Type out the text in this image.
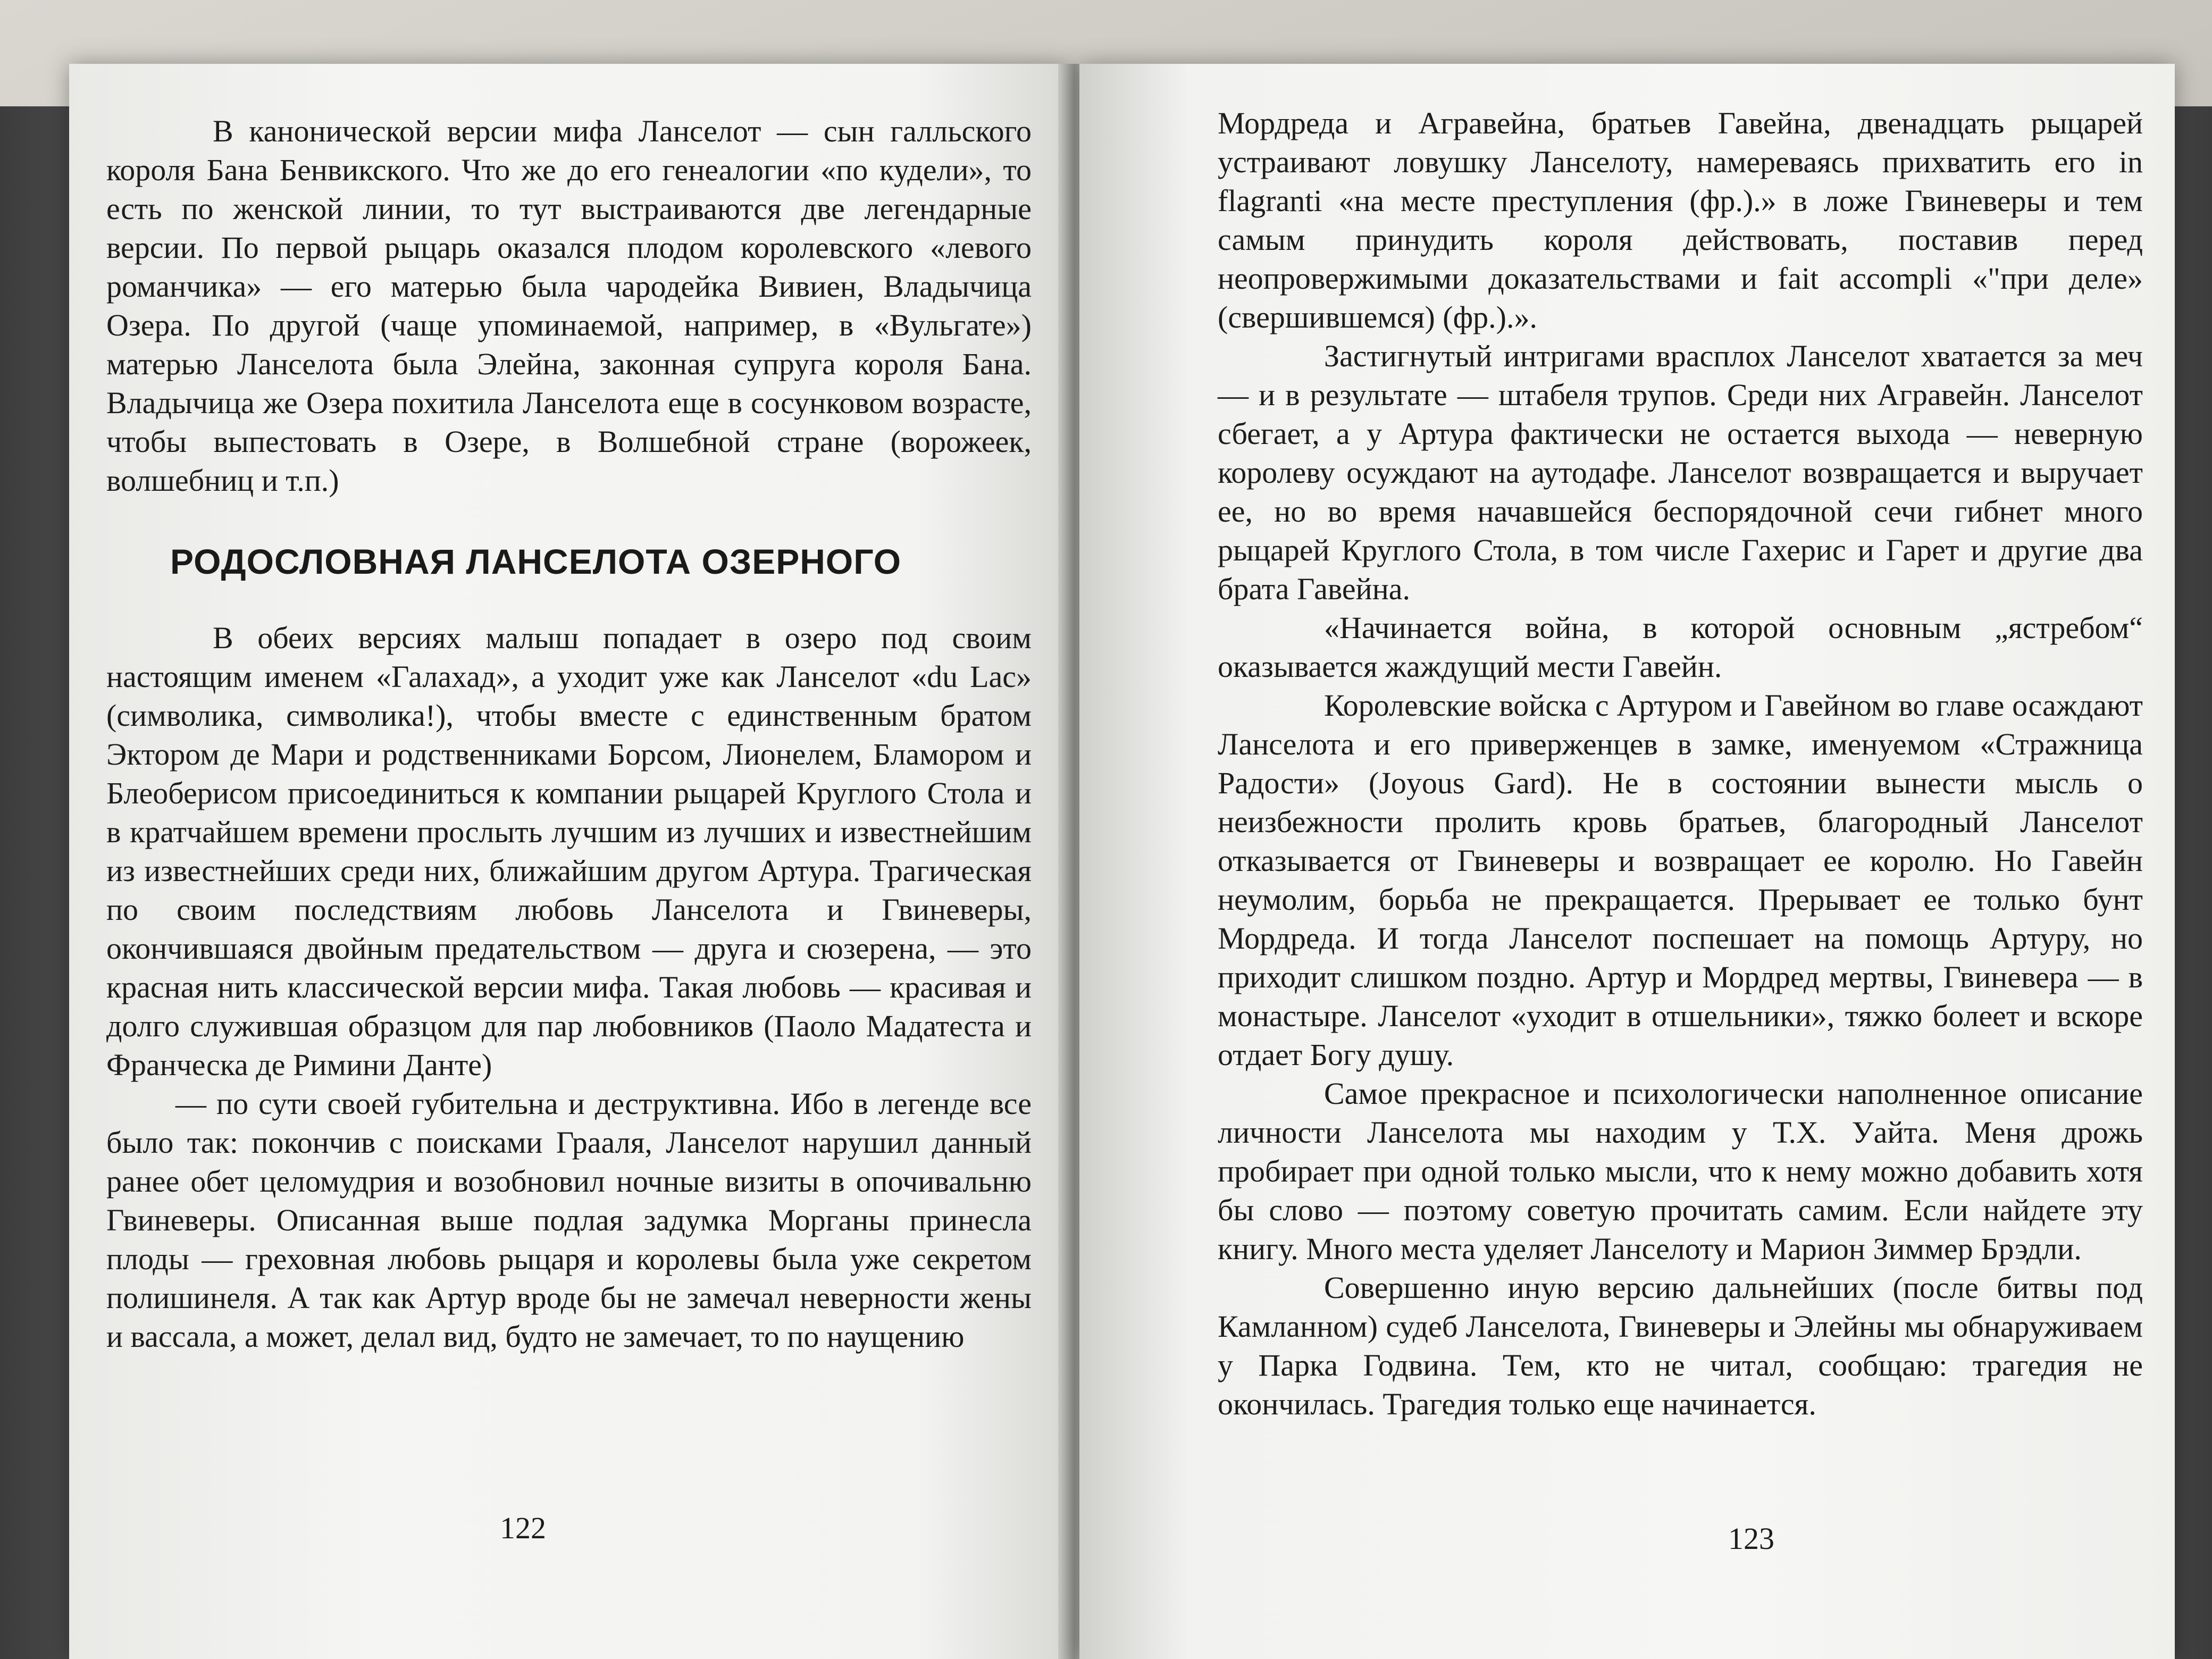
В канонической версии мифа Ланселот — сын галльского короля Бана Бенвикского. Что же до его генеалогии «по кудели», то есть по женской линии, то тут выстраиваются две легендарные версии. По первой рыцарь оказался плодом королевского «левого романчика» — его матерью была чародейка Вивиен, Владычица Озера. По другой (чаще упоминаемой, например, в «Вульгате») матерью Ланселота была Элейна, законная супруга короля Бана. Владычица же Озера похитила Ланселота еще в сосунковом возрасте, чтобы выпестовать в Озере, в Волшебной стране (ворожеек, волшебниц и т.п.)

РОДОСЛОВНАЯ ЛАНСЕЛОТА ОЗЕРНОГО

В обеих версиях малыш попадает в озеро под своим настоящим именем «Галахад», а уходит уже как Ланселот «du Lac» (символика, символика!), чтобы вместе с единственным братом Эктором де Мари и родственниками Борсом, Лионелем, Бламором и Блеоберисом присоединиться к компании рыцарей Круглого Стола и в кратчайшем времени прослыть лучшим из лучших и известнейшим из известнейших среди них, ближайшим другом Артура. Трагическая по своим последствиям любовь Ланселота и Гвиневеры, окончившаяся двойным предательством — друга и сюзерена, — это красная нить классической версии мифа. Такая любовь — красивая и долго служившая образцом для пар любовников (Паоло Мадатеста и Франческа де Римини Данте)

— по сути своей губительна и деструктивна. Ибо в легенде все было так: покончив с поисками Грааля, Ланселот нарушил данный ранее обет целомудрия и возобновил ночные визиты в опочивальню Гвиневеры. Описанная выше подлая задумка Морганы принесла плоды — греховная любовь рыцаря и королевы была уже секретом полишинеля. А так как Артур вроде бы не замечал неверности жены и вассала, а может, делал вид, будто не замечает, то по наущению

122

Мордреда и Агравейна, братьев Гавейна, двенадцать рыцарей устраивают ловушку Ланселоту, намереваясь прихватить его in flagranti «на месте преступления (фр.).» в ложе Гвиневеры и тем самым принудить короля действовать, поставив перед неопровержимыми доказательствами и fait accompli «"при деле» (свершившемся) (фр.).».

Застигнутый интригами врасплох Ланселот хватается за меч — и в результате — штабеля трупов. Среди них Агравейн. Ланселот сбегает, а у Артура фактически не остается выхода — неверную королеву осуждают на аутодафе. Ланселот возвращается и выручает ее, но во время начавшейся беспорядочной сечи гибнет много рыцарей Круглого Стола, в том числе Гахерис и Гарет и другие два брата Гавейна.

«Начинается война, в которой основным „ястребом“ оказывается жаждущий мести Гавейн.

Королевские войска с Артуром и Гавейном во главе осаждают Ланселота и его приверженцев в замке, именуемом «Стражница Радости» (Joyous Gard). Не в состоянии вынести мысль о неизбежности пролить кровь братьев, благородный Ланселот отказывается от Гвиневеры и возвращает ее королю. Но Гавейн неумолим, борьба не прекращается. Прерывает ее только бунт Мордреда. И тогда Ланселот поспешает на помощь Артуру, но приходит слишком поздно. Артур и Мордред мертвы, Гвиневера — в монастыре. Ланселот «уходит в отшельники», тяжко болеет и вскоре отдает Богу душу.

Самое прекрасное и психологически наполненное описание личности Ланселота мы находим у Т.Х. Уайта. Меня дрожь пробирает при одной только мысли, что к нему можно добавить хотя бы слово — поэтому советую прочитать самим. Если найдете эту книгу. Много места уделяет Ланселоту и Марион Зиммер Брэдли.

Совершенно иную версию дальнейших (после битвы под Камланном) судеб Ланселота, Гвиневеры и Элейны мы обнаруживаем у Парка Годвина. Тем, кто не читал, сообщаю: трагедия не окончилась. Трагедия только еще начинается.

123
